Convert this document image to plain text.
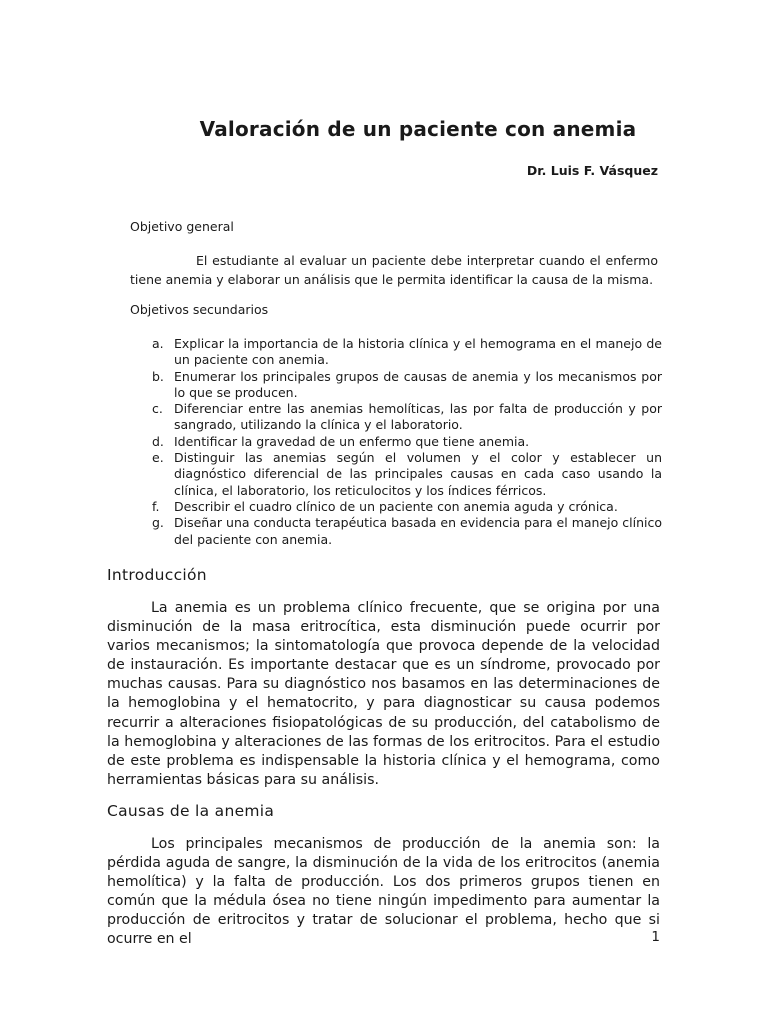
Valoración de un paciente con anemia
Dr. Luis F. Vásquez
Objetivo general
El estudiante al evaluar un paciente debe interpretar cuando el enfermo tiene anemia y elaborar un análisis que le permita identificar la causa de la misma.
Objetivos secundarios
a. Explicar la importancia de la historia clínica y el hemograma en el manejo de un paciente con anemia.
b. Enumerar los principales grupos de causas de anemia y los mecanismos por lo que se producen.
c. Diferenciar entre las anemias hemolíticas, las por falta de producción y por sangrado, utilizando la clínica y el laboratorio.
d. Identificar la gravedad de un enfermo que tiene anemia.
e. Distinguir las anemias según el volumen y el color y establecer un diagnóstico diferencial de las principales causas en cada caso usando la clínica, el laboratorio, los reticulocitos y los índices férricos.
f. Describir el cuadro clínico de un paciente con anemia aguda y crónica.
g. Diseñar una conducta terapéutica basada en evidencia para el manejo clínico del paciente con anemia.
Introducción
La anemia es un problema clínico frecuente, que se origina por una disminución de la masa eritrocítica, esta disminución puede ocurrir por varios mecanismos; la sintomatología que provoca depende de la velocidad de instauración. Es importante destacar que es un síndrome, provocado por muchas causas. Para su diagnóstico nos basamos en las determinaciones de la hemoglobina y el hematocrito, y para diagnosticar su causa podemos recurrir a alteraciones fisiopatológicas de su producción, del catabolismo de la hemoglobina y alteraciones de las formas de los eritrocitos. Para el estudio de este problema es indispensable la historia clínica y el hemograma, como herramientas básicas para su análisis.
Causas de la anemia
Los principales mecanismos de producción de la anemia son: la pérdida aguda de sangre, la disminución de la vida de los eritrocitos (anemia hemolítica) y la falta de producción. Los dos primeros grupos tienen en común que la médula ósea no tiene ningún impedimento para aumentar la producción de eritrocitos y tratar de solucionar el problema, hecho que si ocurre en el	1
